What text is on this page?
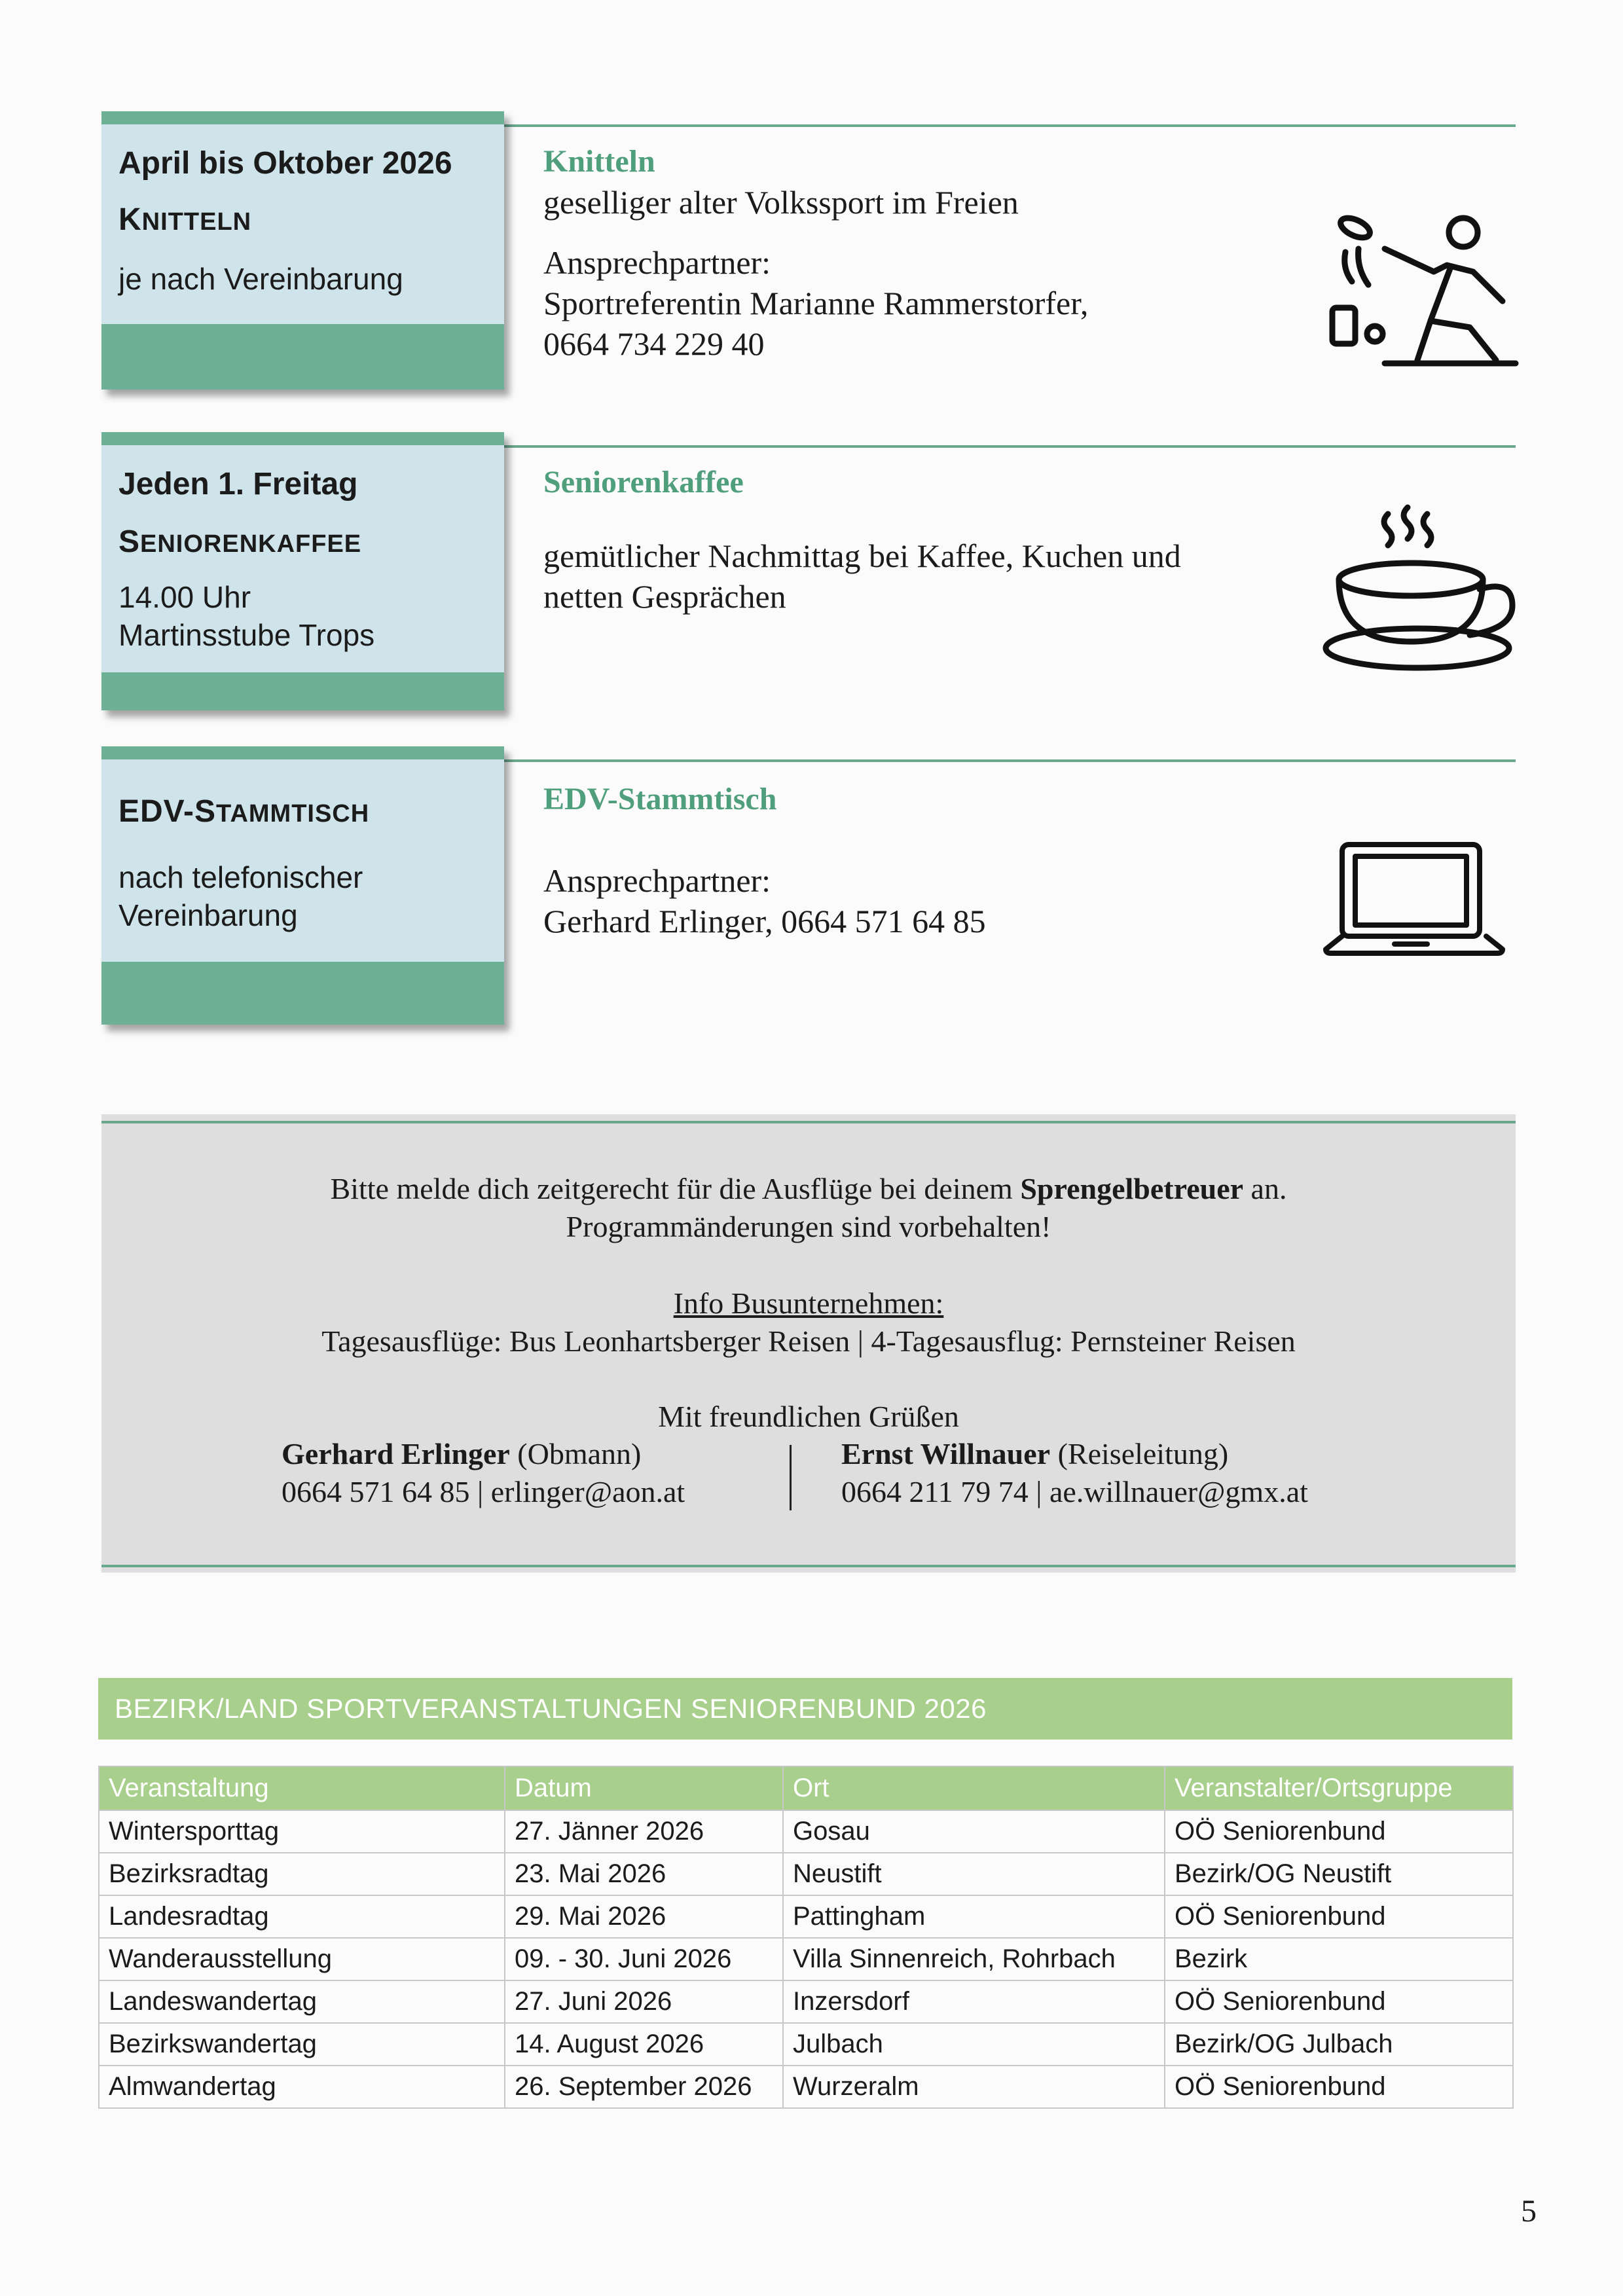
April bis Oktober 2026
KNITTELN
je nach Vereinbarung
Knitteln
geselliger alter Volkssport im Freien
Ansprechpartner:
Sportreferentin Marianne Rammerstorfer,
0664 734 229 40
Jeden 1. Freitag
SENIORENKAFFEE
14.00 Uhr
Martinsstube Trops
Seniorenkaffee
gemütlicher Nachmittag bei Kaffee, Kuchen und
netten Gesprächen
EDV-STAMMTISCH
nach telefonischer
Vereinbarung
EDV-Stammtisch
Ansprechpartner:
Gerhard Erlinger, 0664 571 64 85
Bitte melde dich zeitgerecht für die Ausflüge bei deinem Sprengelbetreuer an.
Programmänderungen sind vorbehalten!
Info Busunternehmen:
Tagesausflüge: Bus Leonhartsberger Reisen | 4-Tagesausflug: Pernsteiner Reisen
Mit freundlichen Grüßen
Gerhard Erlinger (Obmann)
0664 571 64 85 | erlinger@aon.at
Ernst Willnauer (Reiseleitung)
0664 211 79 74 | ae.willnauer@gmx.at
BEZIRK/LAND SPORTVERANSTALTUNGEN SENIORENBUND 2026
Veranstaltung	Datum	Ort	Veranstalter/Ortsgruppe
Wintersporttag	27. Jänner 2026	Gosau	OÖ Seniorenbund
Bezirksradtag	23. Mai 2026	Neustift	Bezirk/OG Neustift
Landesradtag	29. Mai 2026	Pattingham	OÖ Seniorenbund
Wanderausstellung	09. - 30. Juni 2026	Villa Sinnenreich, Rohrbach	Bezirk
Landeswandertag	27. Juni 2026	Inzersdorf	OÖ Seniorenbund
Bezirkswandertag	14. August 2026	Julbach	Bezirk/OG Julbach
Almwandertag	26. September 2026	Wurzeralm	OÖ Seniorenbund
5
